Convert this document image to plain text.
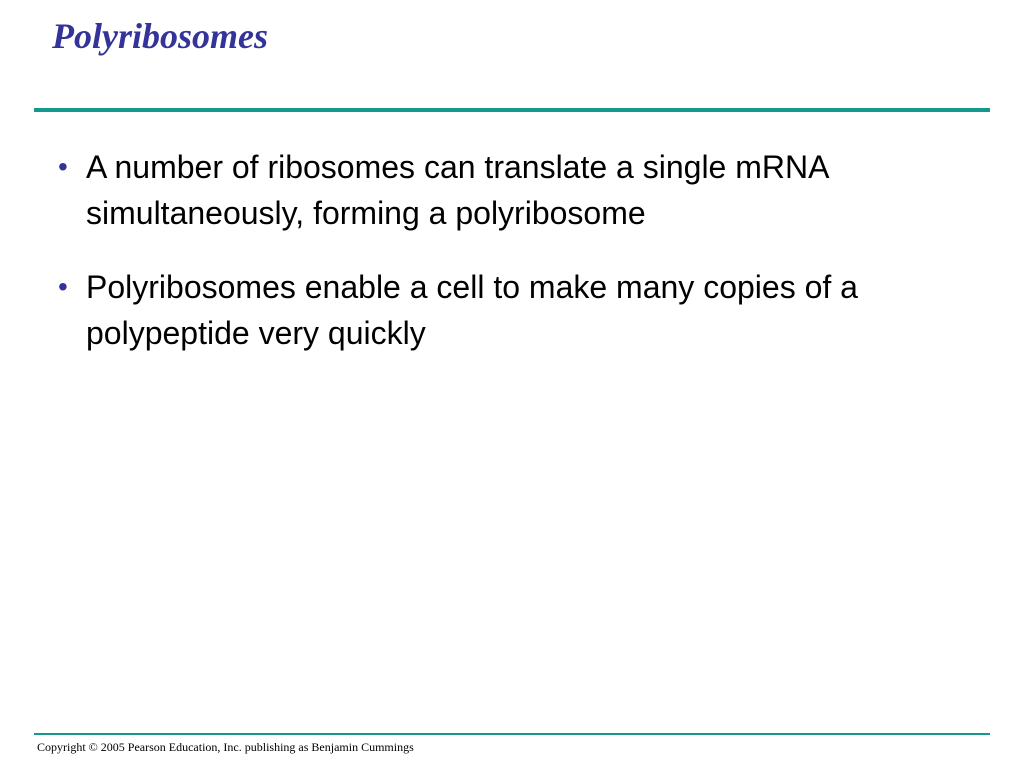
Polyribosomes
• A number of ribosomes can translate a single mRNA simultaneously, forming a polyribosome
• Polyribosomes enable a cell to make many copies of a polypeptide very quickly
Copyright © 2005 Pearson Education, Inc. publishing as Benjamin Cummings
